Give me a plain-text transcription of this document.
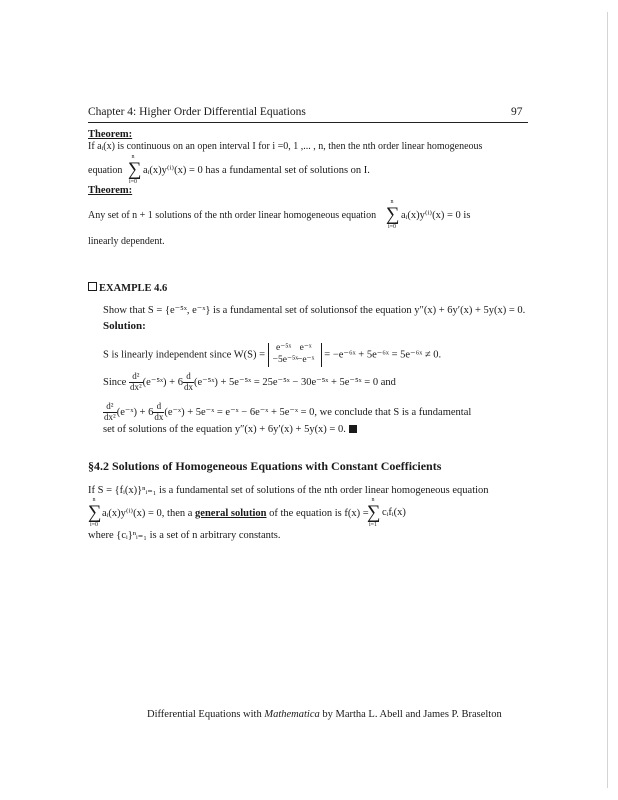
Chapter 4: Higher Order Differential Equations	97
Theorem:
If aᵢ(x) is continuous on an open interval I for i =0, 1 ,... , n, then the nth order linear homogeneous
equation
n
∑
i=0
aᵢ(x)y⁽ⁱ⁾(x) = 0 has a fundamental set of solutions on I.
Theorem:
Any set of n + 1 solutions of the nth order linear homogeneous equation
n
∑
i=0
aᵢ(x)y⁽ⁱ⁾(x) = 0 is
linearly dependent.
EXAMPLE 4.6
Show that S = {e⁻⁵ˣ, e⁻ˣ} is a fundamental set of solutionsof the equation y″(x) + 6y′(x) + 5y(x) = 0.
Solution:
S is linearly independent since W(S) = e⁻⁵ˣ e⁻ˣ
−5e⁻⁵ˣ−e⁻ˣ = −e⁻⁶ˣ + 5e⁻⁶ˣ = 5e⁻⁶ˣ ≠ 0.
Since $\frac{\text{d²}}{\text{dx²}}$ (e⁻⁵ˣ) + $6 \frac{d}{dx}$ (e⁻⁵ˣ) + 5e⁻⁵ˣ = 25e⁻⁵ˣ − 30e⁻⁵ˣ + 5e⁻⁵ˣ = 0 and
$\frac{\text{d²}}{\text{dx²}}$ (e⁻ˣ) + $6 \frac{d}{dx}$ (e⁻ˣ) + 5e⁻ˣ = e⁻ˣ − 6e⁻ˣ + 5e⁻ˣ = 0, we conclude that S is a fundamental
set of solutions of the equation y″(x) + 6y′(x) + 5y(x) = 0.
§4.2 Solutions of Homogeneous Equations with Constant Coefficients
If S = {fᵢ(x)}ⁿᵢ₌₁ is a fundamental set of solutions of the nth order linear homogeneous equation
n
∑
i=0
aᵢ(x)y⁽ⁱ⁾(x) = 0, then a general solution of the equation is f(x) =
n
∑
i=1
cᵢfᵢ(x)
where {cᵢ}ⁿᵢ₌₁ is a set of n arbitrary constants.
Differential Equations with Mathematica by Martha L. Abell and James P. Braselton
